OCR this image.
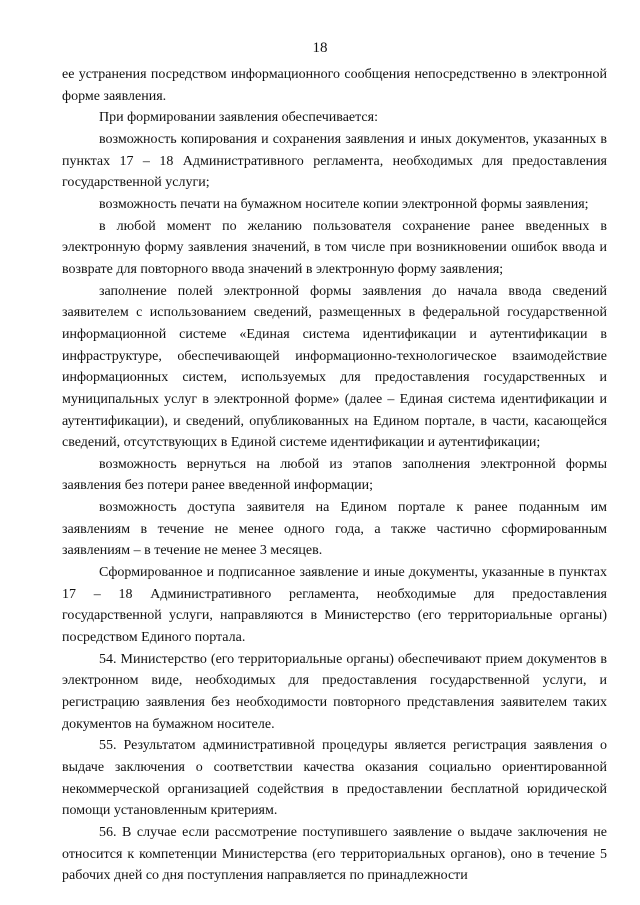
18

ее устранения посредством информационного сообщения непосредственно в электронной форме заявления.

При формировании заявления обеспечивается:

возможность копирования и сохранения заявления и иных документов, указанных в пунктах 17 – 18 Административного регламента, необходимых для предоставления государственной услуги;

возможность печати на бумажном носителе копии электронной формы заявления;

в любой момент по желанию пользователя сохранение ранее введенных в электронную форму заявления значений, в том числе при возникновении ошибок ввода и возврате для повторного ввода значений в электронную форму заявления;

заполнение полей электронной формы заявления до начала ввода сведений заявителем с использованием сведений, размещенных в федеральной государственной информационной системе «Единая система идентификации и аутентификации в инфраструктуре, обеспечивающей информационно-технологическое взаимодействие информационных систем, используемых для предоставления государственных и муниципальных услуг в электронной форме» (далее – Единая система идентификации и аутентификации), и сведений, опубликованных на Едином портале, в части, касающейся сведений, отсутствующих в Единой системе идентификации и аутентификации;

возможность вернуться на любой из этапов заполнения электронной формы заявления без потери ранее введенной информации;

возможность доступа заявителя на Едином портале к ранее поданным им заявлениям в течение не менее одного года, а также частично сформированным заявлениям – в течение не менее 3 месяцев.

Сформированное и подписанное заявление и иные документы, указанные в пунктах 17 – 18 Административного регламента, необходимые для предоставления государственной услуги, направляются в Министерство (его территориальные органы) посредством Единого портала.

54. Министерство (его территориальные органы) обеспечивают прием документов в электронном виде, необходимых для предоставления государственной услуги, и регистрацию заявления без необходимости повторного представления заявителем таких документов на бумажном носителе.

55. Результатом административной процедуры является регистрация заявления о выдаче заключения о соответствии качества оказания социально ориентированной некоммерческой организацией содействия в предоставлении бесплатной юридической помощи установленным критериям.

56. В случае если рассмотрение поступившего заявление о выдаче заключения не относится к компетенции Министерства (его территориальных органов), оно в течение 5 рабочих дней со дня поступления направляется по принадлежности
